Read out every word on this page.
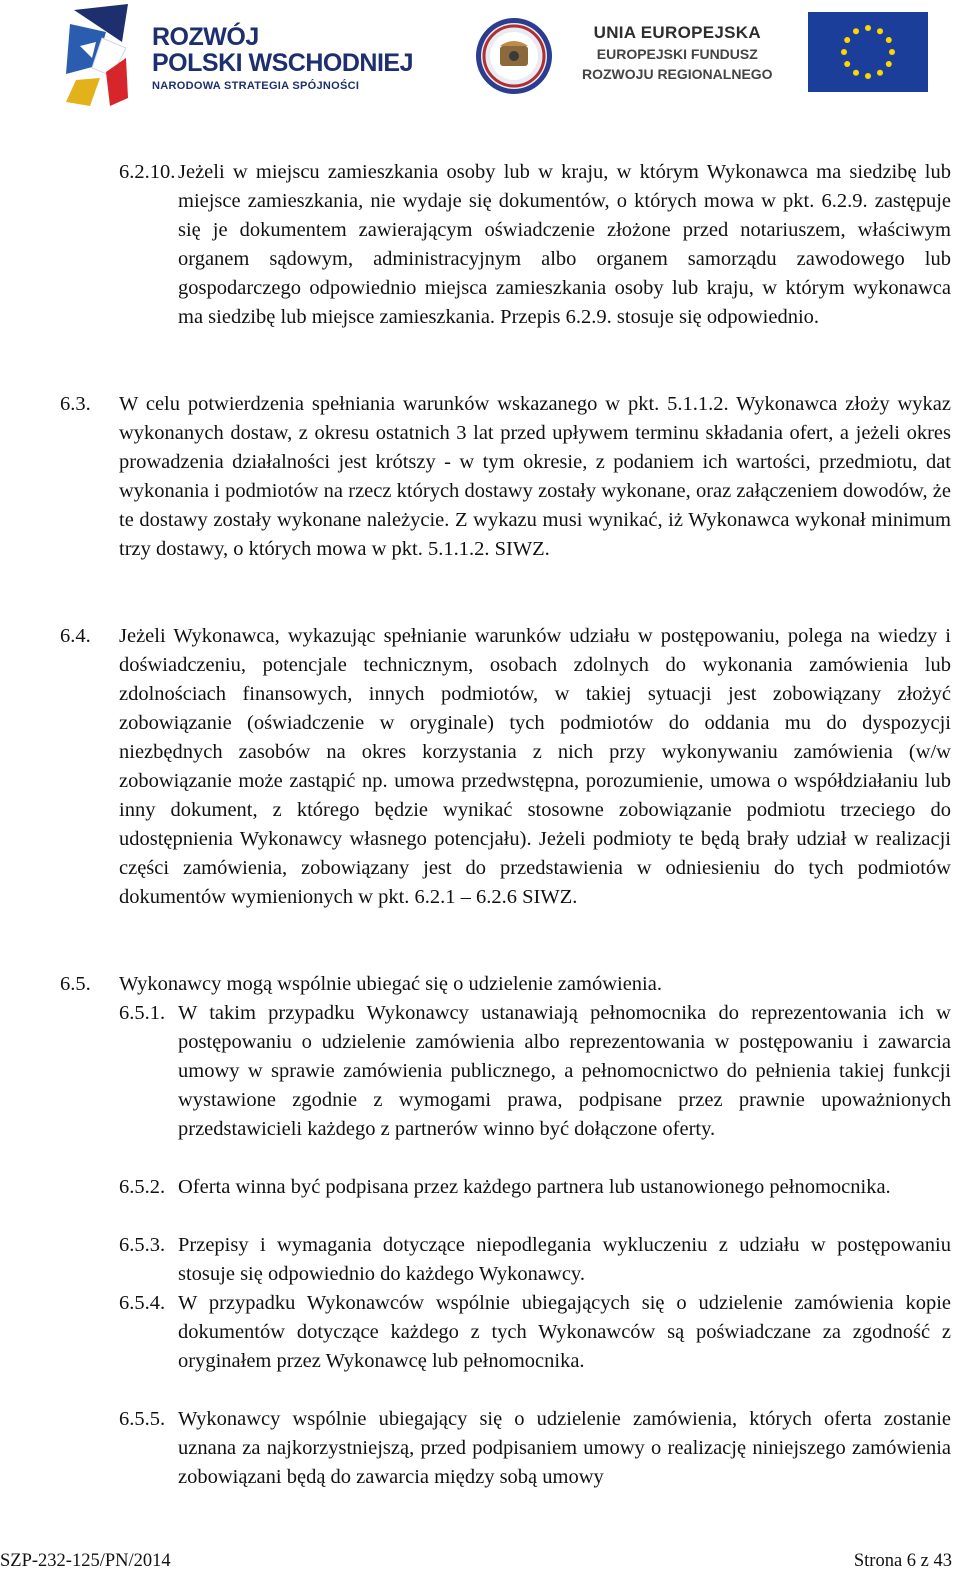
ROZWÓJ
POLSKI WSCHODNIEJ
NARODOWA STRATEGIA SPÓJNOŚCI
UNIA EUROPEJSKA
EUROPEJSKI FUNDUSZ
ROZWOJU REGIONALNEGO
6.2.10. Jeżeli w miejscu zamieszkania osoby lub w kraju, w którym Wykonawca ma siedzibę lub miejsce zamieszkania, nie wydaje się dokumentów, o których mowa w pkt. 6.2.9. zastępuje się je dokumentem zawierającym oświadczenie złożone przed notariuszem, właściwym organem sądowym, administracyjnym albo organem samorządu zawodowego lub gospodarczego odpowiednio miejsca zamieszkania osoby lub kraju, w którym wykonawca ma siedzibę lub miejsce zamieszkania. Przepis 6.2.9. stosuje się odpowiednio.
6.3. W celu potwierdzenia spełniania warunków wskazanego w pkt. 5.1.1.2. Wykonawca złoży wykaz wykonanych dostaw, z okresu ostatnich 3 lat przed upływem terminu składania ofert, a jeżeli okres prowadzenia działalności jest krótszy - w tym okresie, z podaniem ich wartości, przedmiotu, dat wykonania i podmiotów na rzecz których dostawy zostały wykonane, oraz załączeniem dowodów, że te dostawy zostały wykonane należycie. Z wykazu musi wynikać, iż Wykonawca wykonał minimum trzy dostawy, o których mowa w pkt. 5.1.1.2. SIWZ.
6.4. Jeżeli Wykonawca, wykazując spełnianie warunków udziału w postępowaniu, polega na wiedzy i doświadczeniu, potencjale technicznym, osobach zdolnych do wykonania zamówienia lub zdolnościach finansowych, innych podmiotów, w takiej sytuacji jest zobowiązany złożyć zobowiązanie (oświadczenie w oryginale) tych podmiotów do oddania mu do dyspozycji niezbędnych zasobów na okres korzystania z nich przy wykonywaniu zamówienia (w/w zobowiązanie może zastąpić np. umowa przedwstępna, porozumienie, umowa o współdziałaniu lub inny dokument, z którego będzie wynikać stosowne zobowiązanie podmiotu trzeciego do udostępnienia Wykonawcy własnego potencjału). Jeżeli podmioty te będą brały udział w realizacji części zamówienia, zobowiązany jest do przedstawienia w odniesieniu do tych podmiotów dokumentów wymienionych w pkt. 6.2.1 – 6.2.6 SIWZ.
6.5. Wykonawcy mogą wspólnie ubiegać się o udzielenie zamówienia.
6.5.1. W takim przypadku Wykonawcy ustanawiają pełnomocnika do reprezentowania ich w postępowaniu o udzielenie zamówienia albo reprezentowania w postępowaniu i zawarcia umowy w sprawie zamówienia publicznego, a pełnomocnictwo do pełnienia takiej funkcji wystawione zgodnie z wymogami prawa, podpisane przez prawnie upoważnionych przedstawicieli każdego z partnerów winno być dołączone oferty.
6.5.2. Oferta winna być podpisana przez każdego partnera lub ustanowionego pełnomocnika.
6.5.3. Przepisy i wymagania dotyczące niepodlegania wykluczeniu z udziału w postępowaniu stosuje się odpowiednio do każdego Wykonawcy.
6.5.4. W przypadku Wykonawców wspólnie ubiegających się o udzielenie zamówienia kopie dokumentów dotyczące każdego z tych Wykonawców są poświadczane za zgodność z oryginałem przez Wykonawcę lub pełnomocnika.
6.5.5. Wykonawcy wspólnie ubiegający się o udzielenie zamówienia, których oferta zostanie uznana za najkorzystniejszą, przed podpisaniem umowy o realizację niniejszego zamówienia zobowiązani będą do zawarcia między sobą umowy
SZP-232-125/PN/2014	Strona 6 z 43
